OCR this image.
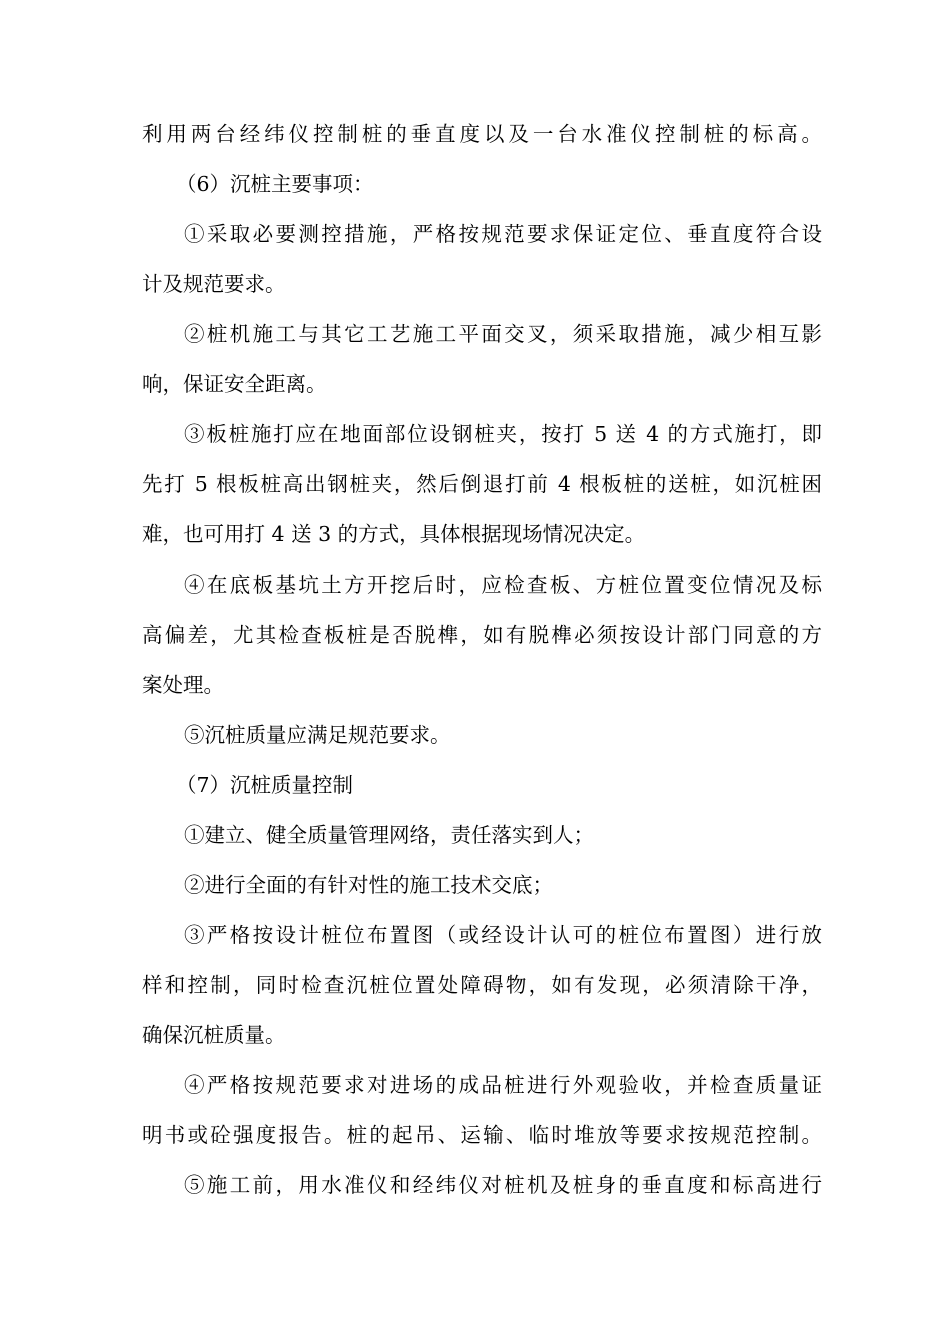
利用两台经纬仪控制桩的垂直度以及一台水准仪控制桩的标高。
（6）沉桩主要事项：
①采取必要测控措施，严格按规范要求保证定位、垂直度符合设
计及规范要求。
②桩机施工与其它工艺施工平面交叉，须采取措施，减少相互影
响，保证安全距离。
③板桩施打应在地面部位设钢桩夹，按打 5 送 4 的方式施打，即
先打 5 根板桩高出钢桩夹，然后倒退打前 4 根板桩的送桩，如沉桩困
难，也可用打 4 送 3 的方式，具体根据现场情况决定。
④在底板基坑土方开挖后时，应检查板、方桩位置变位情况及标
高偏差，尤其检查板桩是否脱榫，如有脱榫必须按设计部门同意的方
案处理。
⑤沉桩质量应满足规范要求。
（7）沉桩质量控制
①建立、健全质量管理网络，责任落实到人；
②进行全面的有针对性的施工技术交底；
③严格按设计桩位布置图（或经设计认可的桩位布置图）进行放
样和控制，同时检查沉桩位置处障碍物，如有发现，必须清除干净，
确保沉桩质量。
④严格按规范要求对进场的成品桩进行外观验收，并检查质量证
明书或砼强度报告。桩的起吊、运输、临时堆放等要求按规范控制。
⑤施工前，用水准仪和经纬仪对桩机及桩身的垂直度和标高进行
